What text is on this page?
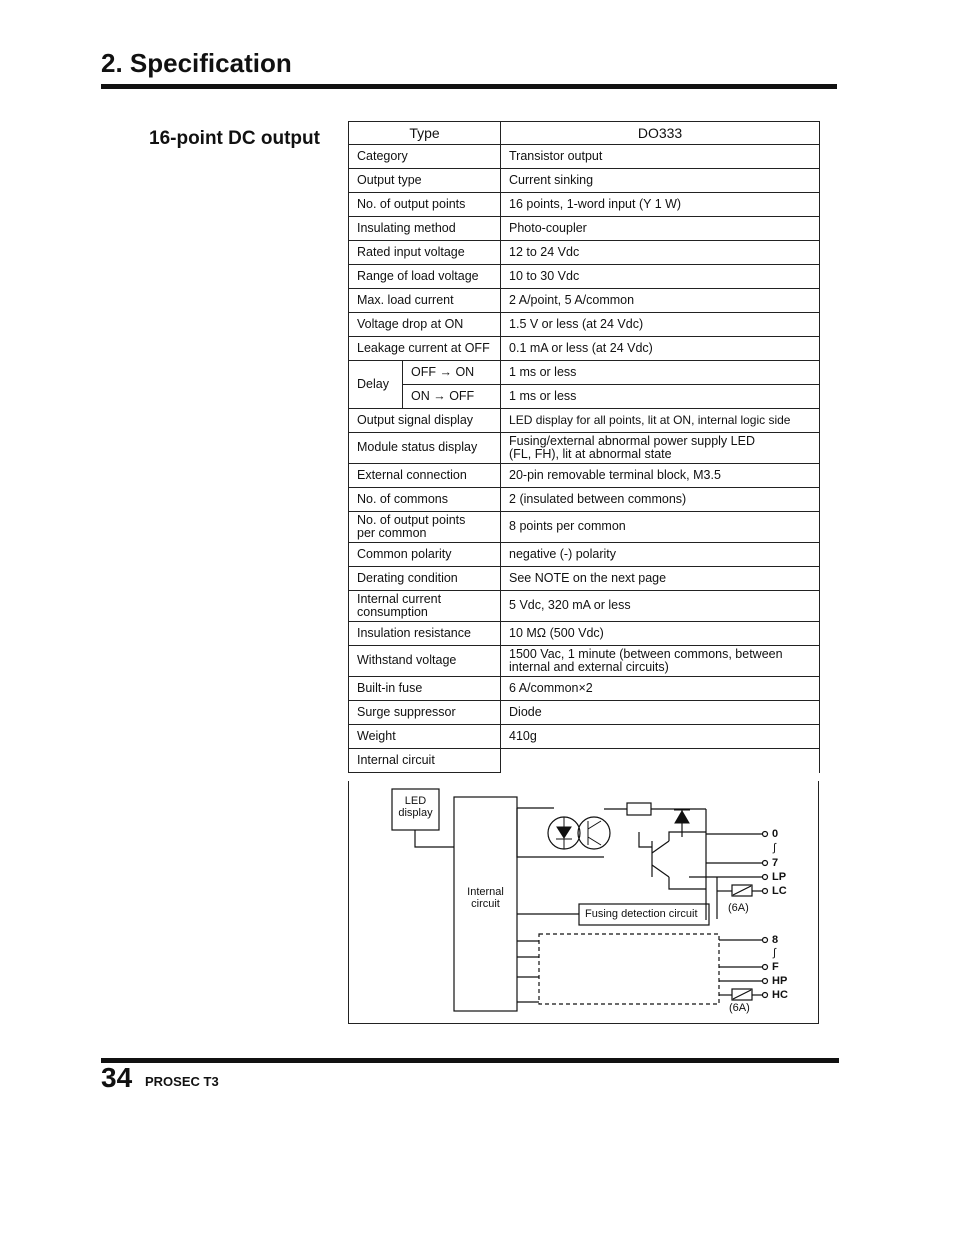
2. Specification
16-point DC output	Type		DO333
Category		Transistor output
Output type		Current sinking
No. of output points		16 points, 1-word input (Y 1 W)
Insulating method		Photo-coupler
Rated input voltage		12 to 24 Vdc
Range of load voltage		10 to 30 Vdc
Max. load current		2 A/point, 5 A/common
Voltage drop at ON		1.5 V or less (at 24 Vdc)
Leakage current at OFF		0.1 mA or less (at 24 Vdc)
Delay	OFF → ON	1 ms or less
	ON → OFF	1 ms or less
Output signal display		LED display for all points, lit at ON, internal logic side
Module status display		Fusing/external abnormal power supply LED
(FL, FH), lit at abnormal state

External connection		20-pin removable terminal block, M3.5
No. of commons		2 (insulated between commons)

No. of output points
per common		8 points per common
Common polarity		negative (-) polarity
Derating condition		See NOTE on the next page

Internal current
consumption		5 Vdc, 320 mA or less
Insulation resistance		10 MΩ (500 Vdc)
Withstand voltage		1500 Vac, 1 minute (between commons, between
internal and external circuits)

Built-in fuse		6 A/common×2
Surge suppressor		Diode
Weight		410g
Internal circuit		
LED
display
Internal
circuit
Fusing detection circuit	(6A)
(6A)
0
∫
7
LP
LC
8
∫
F
HP
HC
34 PROSEC T3
